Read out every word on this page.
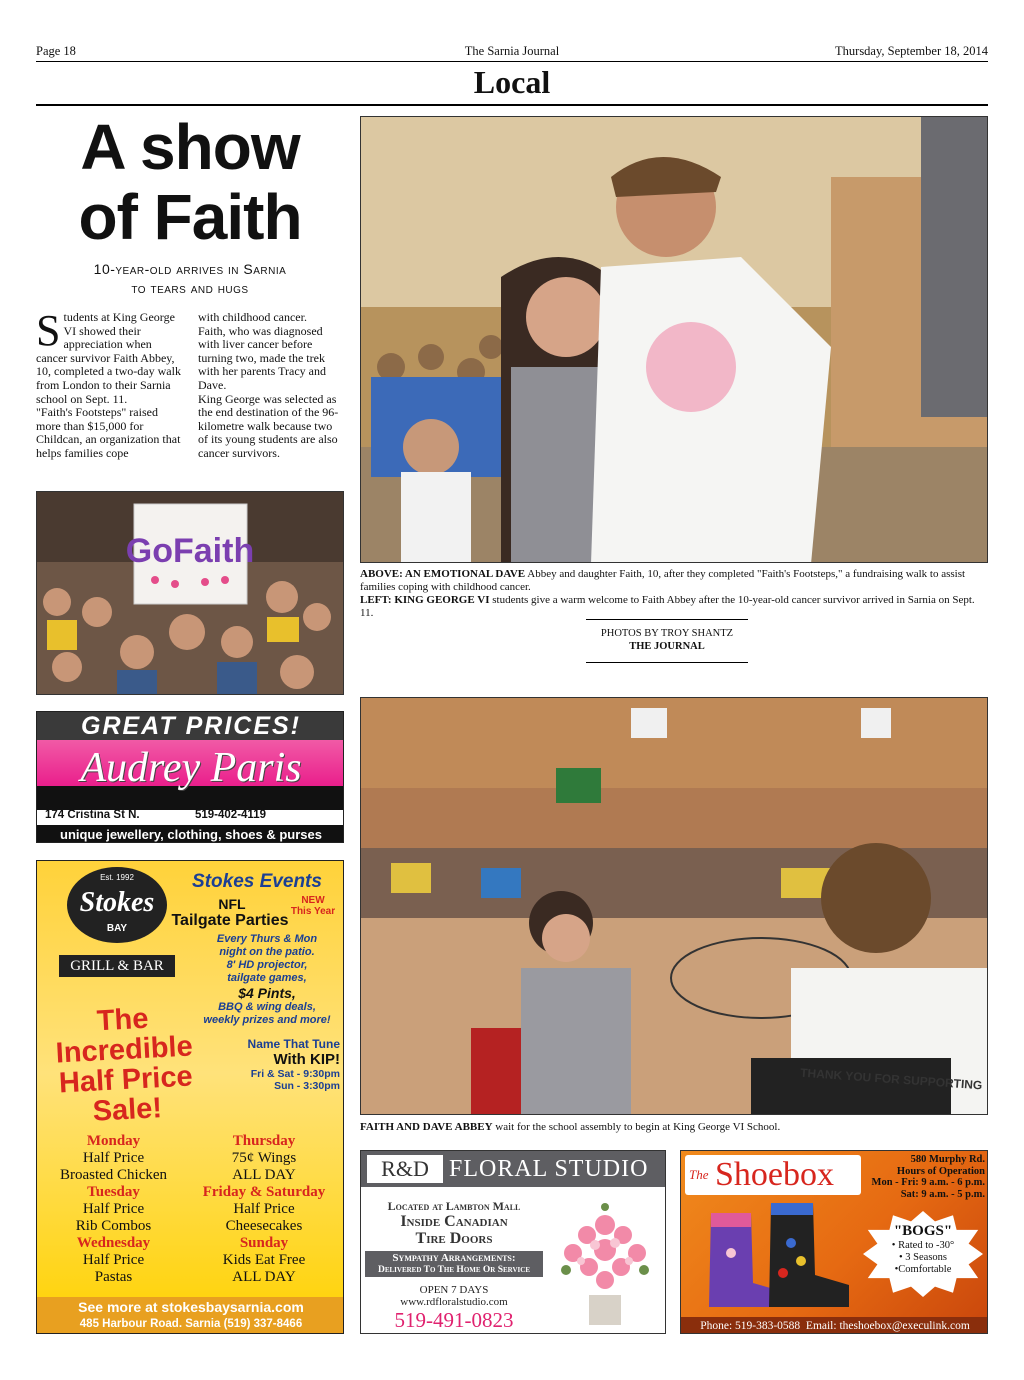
Page 18	The Sarnia Journal	Thursday, September 18, 2014
Local
A show
of Faith
10-year-old arrives in Sarnia
to tears and hugs
S tudents at King George VI showed their appreciation when cancer survivor Faith Abbey, 10, completed a two-day walk from London to their Sarnia school on Sept. 11.
"Faith's Footsteps" raised more than $15,000 for Childcan, an organization that helps families cope
with childhood cancer.
Faith, who was diagnosed with liver cancer before turning two, made the trek with her parents Tracy and Dave.
King George was selected as the end destination of the 96-kilometre walk because two of its young students are also cancer survivors.
GoFaith
ABOVE: AN EMOTIONAL DAVE Abbey and daughter Faith, 10, after they completed "Faith's Footsteps," a fundraising walk to assist families coping with childhood cancer.
LEFT: KING GEORGE VI students give a warm welcome to Faith Abbey after the 10-year-old cancer survivor arrived in Sarnia on Sept. 11.
PHOTOS BY TROY SHANTZ
THE JOURNAL
THANK YOU FOR SUPPORTING
FAITH AND DAVE ABBEY wait for the school assembly to begin at King George VI School.
GREAT PRICES!
Audrey Paris
174 Cristina St N.	519-402-4119
unique jewellery, clothing, shoes & purses
Est. 1992
Stokes
BAY
GRILL & BAR
Stokes Events
NFL
Tailgate Parties
NEW
This Year
Every Thurs & Mon
night on the patio.
8' HD projector,
tailgate games,
$4 Pints,
BBQ & wing deals,
weekly prizes and more!
Name That Tune
With KIP!
Fri & Sat - 9:30pm
Sun - 3:30pm
The
Incredible
Half Price
Sale!
Monday
Half Price
Broasted Chicken
Tuesday
Half Price
Rib Combos
Wednesday
Half Price
Pastas
Thursday
75¢ Wings
ALL DAY
Friday & Saturday
Half Price
Cheesecakes
Sunday
Kids Eat Free
ALL DAY
See more at stokesbaysarnia.com
485 Harbour Road. Sarnia (519) 337-8466
R&D FLORAL STUDIO
Located at Lambton Mall
Inside Canadian
Tire Doors
Sympathy Arrangements:
Delivered To The Home Or Service
OPEN 7 DAYS
www.rdfloralstudio.com
519-491-0823
The Shoebox	580 Murphy Rd.
Hours of Operation
Mon - Fri: 9 a.m. - 6 p.m.
Sat: 9 a.m. - 5 p.m.
"BOGS"
• Rated to -30°
• 3 Seasons
•Comfortable
Phone: 519-383-0588  Email: theshoebox@execulink.com
